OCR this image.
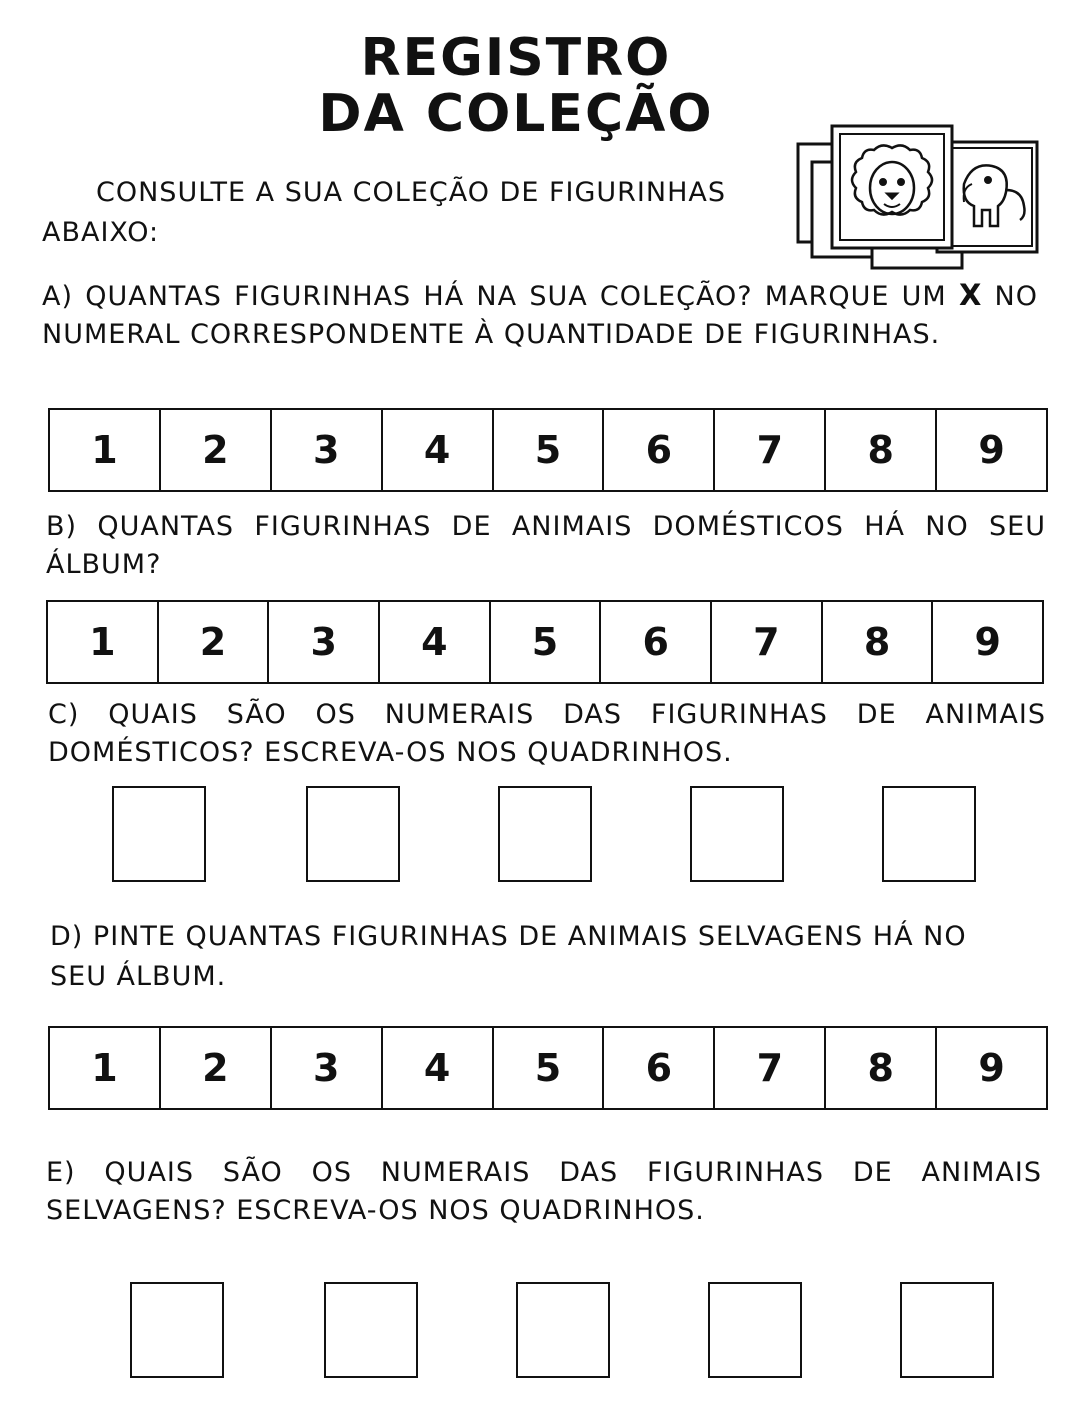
REGISTRO
DA COLEÇÃO

CONSULTE A SUA COLEÇÃO DE FIGURINHAS

ABAIXO:

A) QUANTAS FIGURINHAS HÁ NA SUA COLEÇÃO? MARQUE UM X NO NUMERAL CORRESPONDENTE À QUANTIDADE DE FIGURINHAS.

1	2	3	4	5	6	7	8	9

B) QUANTAS FIGURINHAS DE ANIMAIS DOMÉSTICOS HÁ NO SEU ÁLBUM?

1	2	3	4	5	6	7	8	9

C) QUAIS SÃO OS NUMERAIS DAS FIGURINHAS DE ANIMAIS DOMÉSTICOS? ESCREVA-OS NOS QUADRINHOS.

D) PINTE QUANTAS FIGURINHAS DE ANIMAIS SELVAGENS HÁ NO

SEU ÁLBUM.

1	2	3	4	5	6	7	8	9

E) QUAIS SÃO OS NUMERAIS DAS FIGURINHAS DE ANIMAIS SELVAGENS? ESCREVA-OS NOS QUADRINHOS.
